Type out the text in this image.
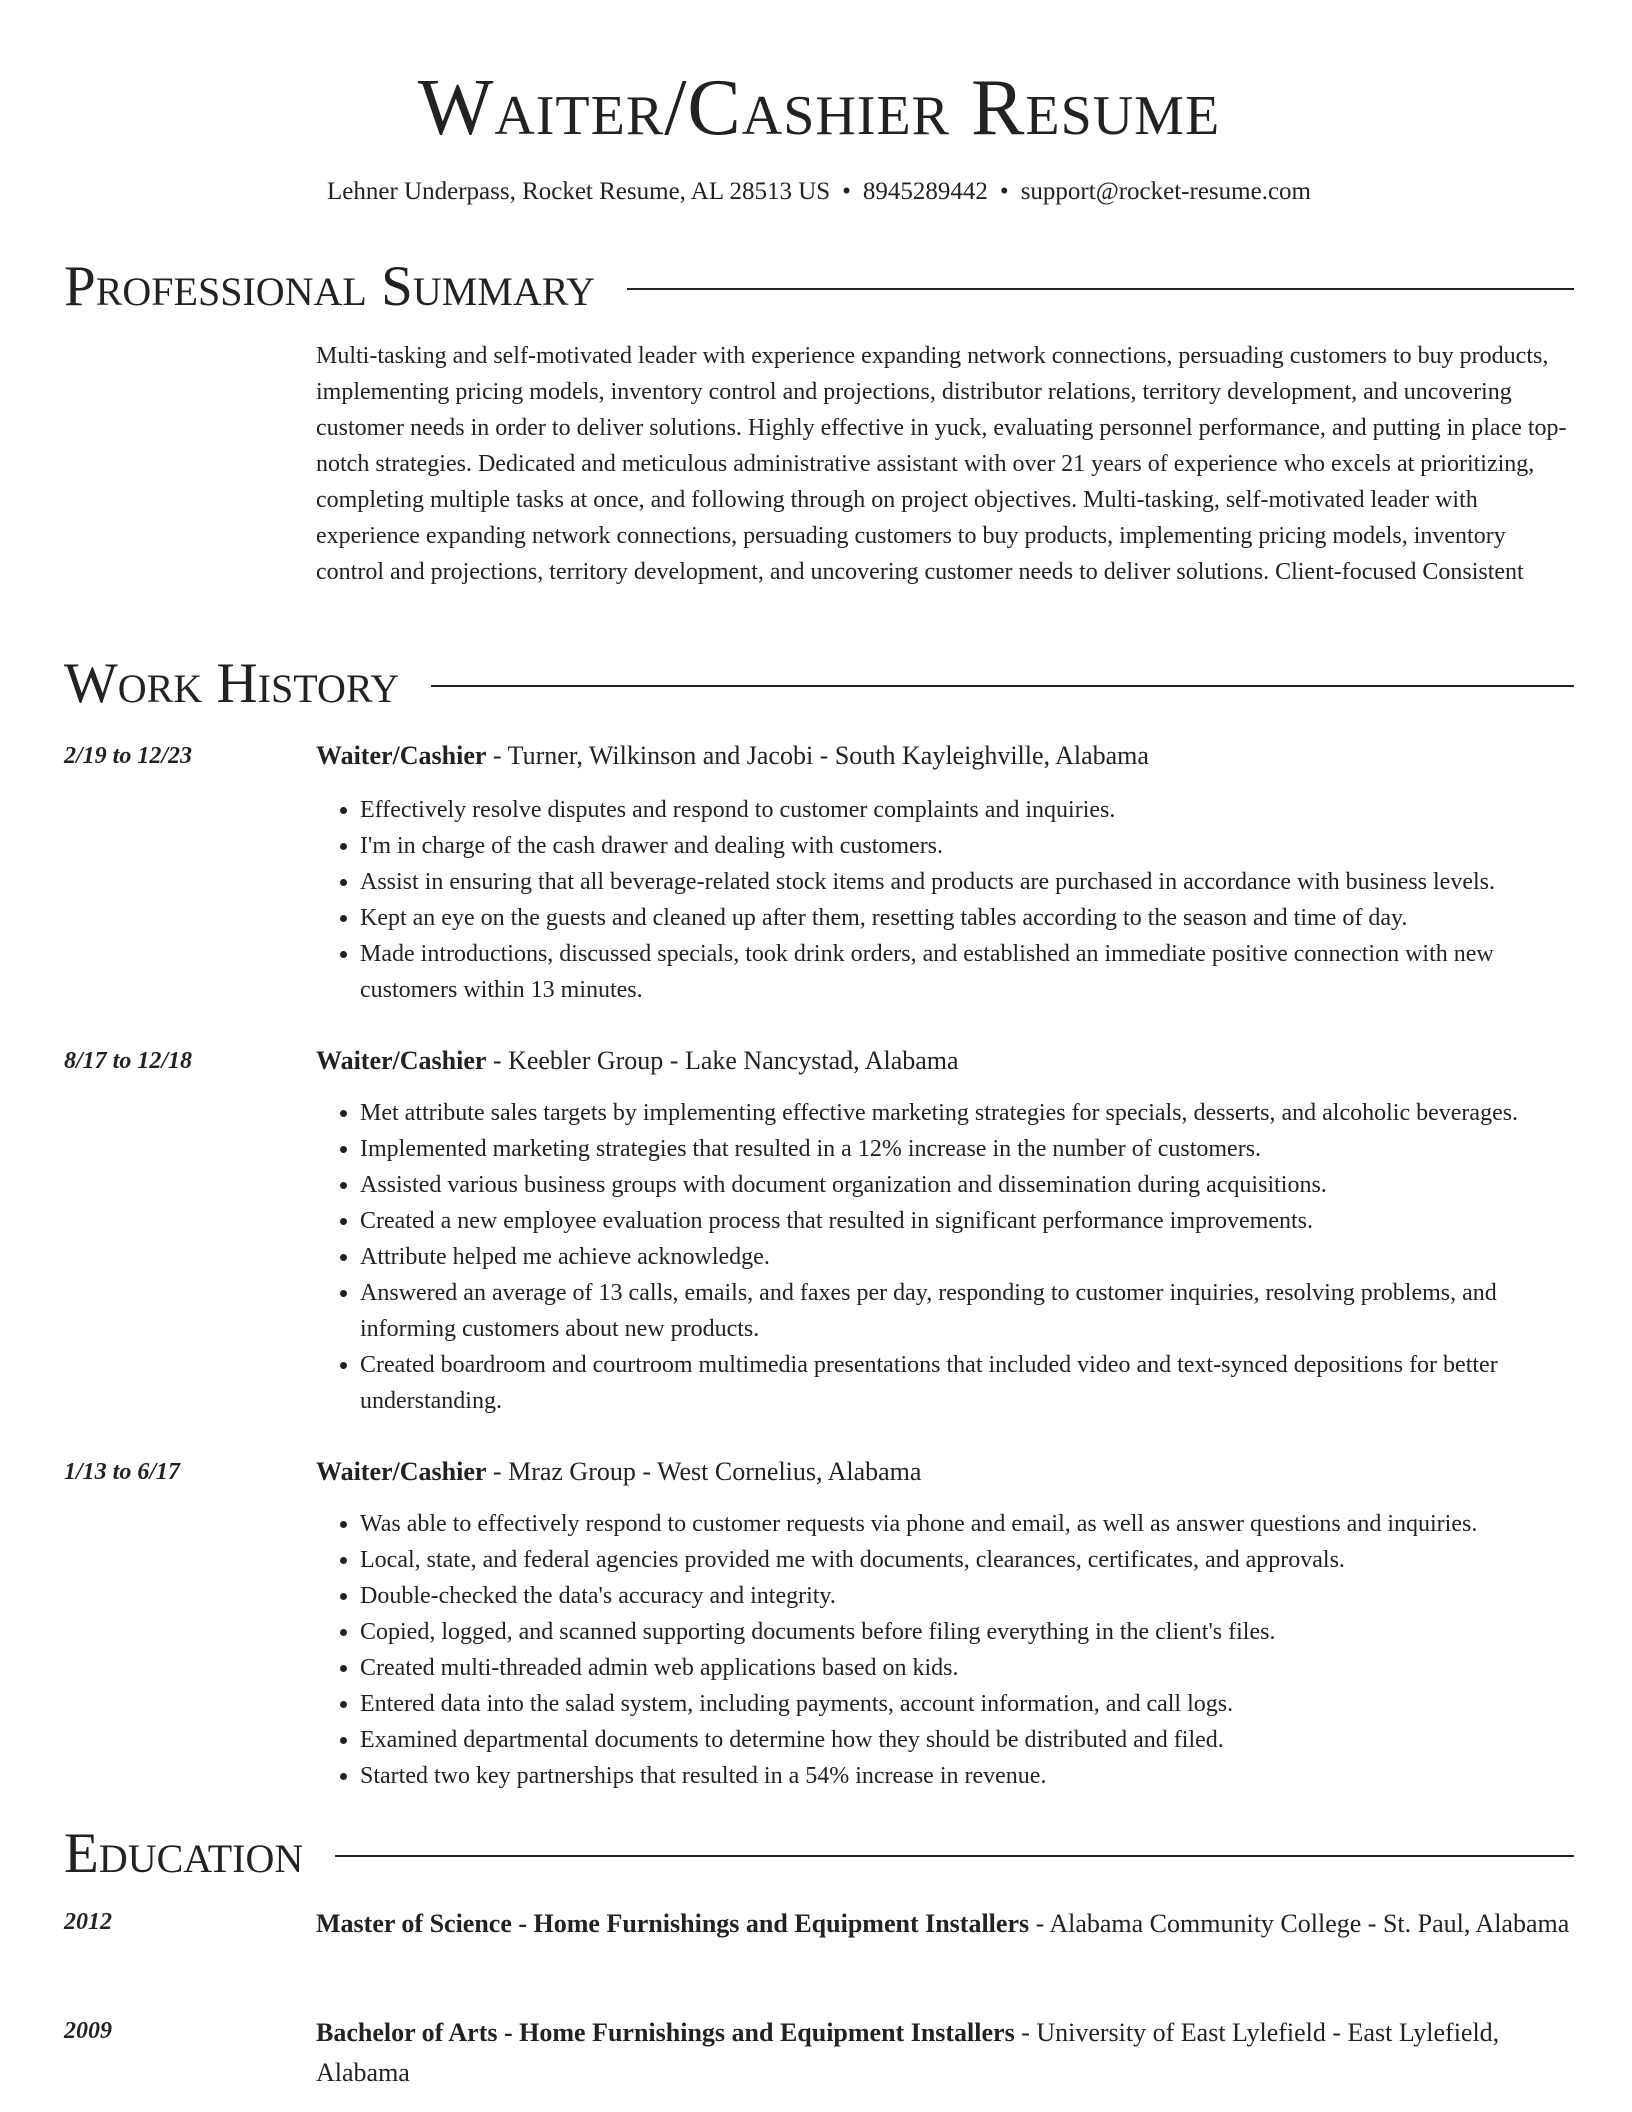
Waiter/Cashier Resume
Lehner Underpass, Rocket Resume, AL 28513 US • 8945289442 • support@rocket-resume.com
Professional Summary
Multi-tasking and self-motivated leader with experience expanding network connections, persuading customers to buy products, implementing pricing models, inventory control and projections, distributor relations, territory development, and uncovering customer needs in order to deliver solutions. Highly effective in yuck, evaluating personnel performance, and putting in place top-notch strategies. Dedicated and meticulous administrative assistant with over 21 years of experience who excels at prioritizing, completing multiple tasks at once, and following through on project objectives. Multi-tasking, self-motivated leader with experience expanding network connections, persuading customers to buy products, implementing pricing models, inventory control and projections, territory development, and uncovering customer needs to deliver solutions. Client-focused Consistent
Work History
2/19 to 12/23	Waiter/Cashier - Turner, Wilkinson and Jacobi - South Kayleighville, Alabama
• Effectively resolve disputes and respond to customer complaints and inquiries.
• I'm in charge of the cash drawer and dealing with customers.
• Assist in ensuring that all beverage-related stock items and products are purchased in accordance with business levels.
• Kept an eye on the guests and cleaned up after them, resetting tables according to the season and time of day.
• Made introductions, discussed specials, took drink orders, and established an immediate positive connection with new customers within 13 minutes.
8/17 to 12/18	Waiter/Cashier - Keebler Group - Lake Nancystad, Alabama
• Met attribute sales targets by implementing effective marketing strategies for specials, desserts, and alcoholic beverages.
• Implemented marketing strategies that resulted in a 12% increase in the number of customers.
• Assisted various business groups with document organization and dissemination during acquisitions.
• Created a new employee evaluation process that resulted in significant performance improvements.
• Attribute helped me achieve acknowledge.
• Answered an average of 13 calls, emails, and faxes per day, responding to customer inquiries, resolving problems, and informing customers about new products.
• Created boardroom and courtroom multimedia presentations that included video and text-synced depositions for better understanding.
1/13 to 6/17	Waiter/Cashier - Mraz Group - West Cornelius, Alabama
• Was able to effectively respond to customer requests via phone and email, as well as answer questions and inquiries.
• Local, state, and federal agencies provided me with documents, clearances, certificates, and approvals.
• Double-checked the data's accuracy and integrity.
• Copied, logged, and scanned supporting documents before filing everything in the client's files.
• Created multi-threaded admin web applications based on kids.
• Entered data into the salad system, including payments, account information, and call logs.
• Examined departmental documents to determine how they should be distributed and filed.
• Started two key partnerships that resulted in a 54% increase in revenue.
Education
2012	Master of Science - Home Furnishings and Equipment Installers - Alabama Community College - St. Paul, Alabama
2009	Bachelor of Arts - Home Furnishings and Equipment Installers - University of East Lylefield - East Lylefield, Alabama
